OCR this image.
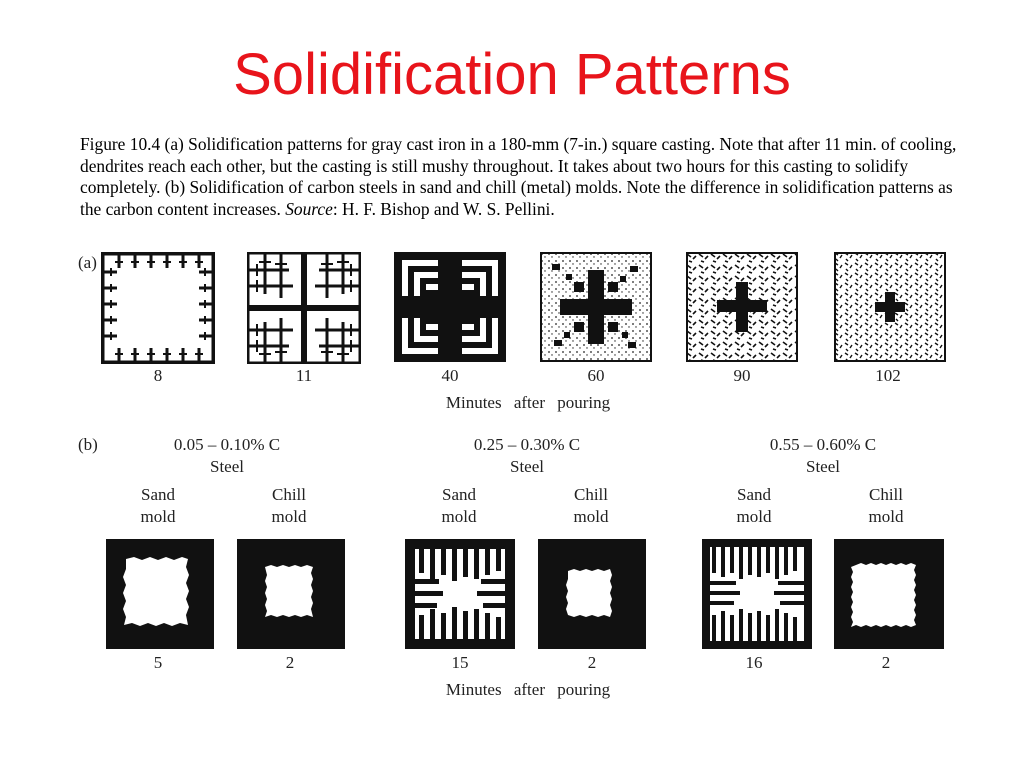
Solidification Patterns
Figure 10.4 (a) Solidification patterns for gray cast iron in a 180-mm (7-in.) square casting. Note that after 11 min. of cooling, dendrites reach each other, but the casting is still mushy throughout. It takes about two hours for this casting to solidify completely. (b) Solidification of carbon steels in sand and chill (metal) molds. Note the difference in solidification patterns as the carbon content increases. Source: H. F. Bishop and W. S. Pellini.
(a)
8	11	40	60	90	102
Minutes after pouring
(b)	0.05 – 0.10% C
Steel
0.25 – 0.30% C
Steel
0.55 – 0.60% C
Steel
Sand
mold
Chill
mold
Sand
mold
Chill
mold
Sand
mold
Chill
mold
5	2	15	2	16	2
Minutes after pouring
